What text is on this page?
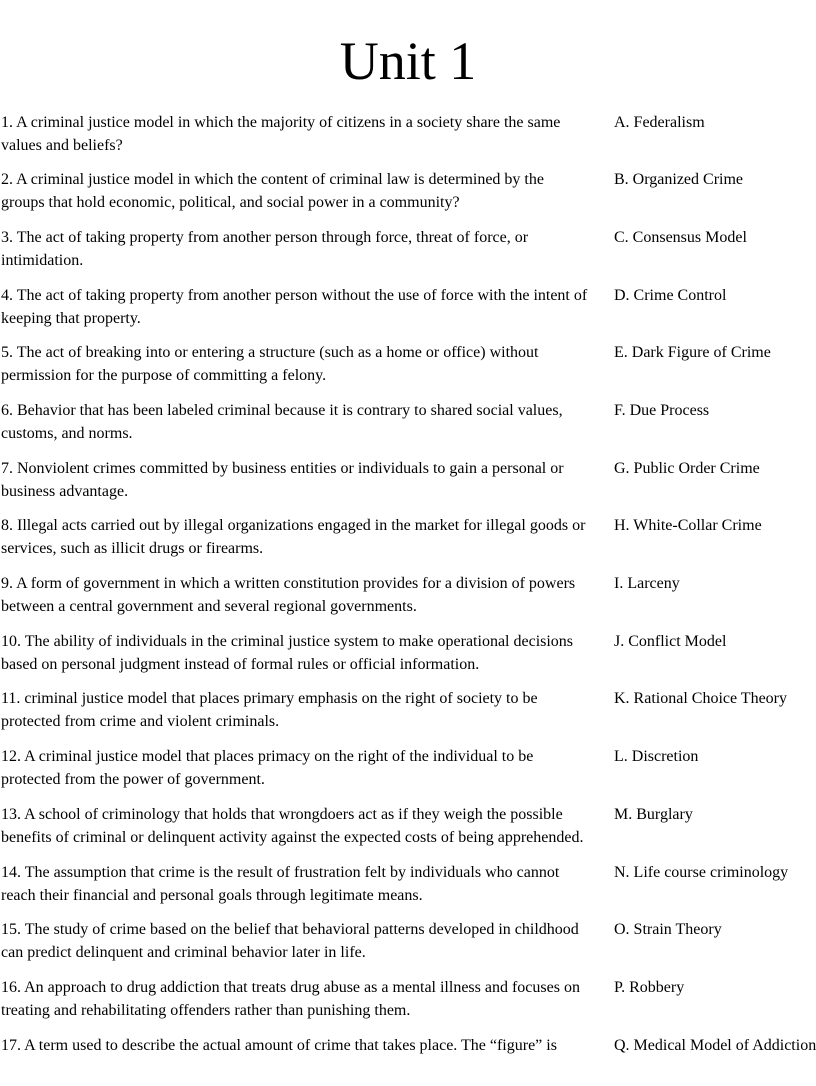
Unit 1
1. A criminal justice model in which the majority of citizens in a society share the same
values and beliefs?
A. Federalism
2. A criminal justice model in which the content of criminal law is determined by the
groups that hold economic, political, and social power in a community?
B. Organized Crime
3. The act of taking property from another person through force, threat of force, or
intimidation.
C. Consensus Model
4. The act of taking property from another person without the use of force with the intent of
keeping that property.
D. Crime Control
5. The act of breaking into or entering a structure (such as a home or office) without
permission for the purpose of committing a felony.
E. Dark Figure of Crime
6. Behavior that has been labeled criminal because it is contrary to shared social values,
customs, and norms.
F. Due Process
7. Nonviolent crimes committed by business entities or individuals to gain a personal or
business advantage.
G. Public Order Crime
8. Illegal acts carried out by illegal organizations engaged in the market for illegal goods or
services, such as illicit drugs or firearms.
H. White-Collar Crime
9. A form of government in which a written constitution provides for a division of powers
between a central government and several regional governments.
I. Larceny
10. The ability of individuals in the criminal justice system to make operational decisions
based on personal judgment instead of formal rules or official information.
J. Conflict Model
11. criminal justice model that places primary emphasis on the right of society to be
protected from crime and violent criminals.
K. Rational Choice Theory
12. A criminal justice model that places primacy on the right of the individual to be
protected from the power of government.
L. Discretion
13. A school of criminology that holds that wrongdoers act as if they weigh the possible
benefits of criminal or delinquent activity against the expected costs of being apprehended.
M. Burglary
14. The assumption that crime is the result of frustration felt by individuals who cannot
reach their financial and personal goals through legitimate means.
N. Life course criminology
15. The study of crime based on the belief that behavioral patterns developed in childhood
can predict delinquent and criminal behavior later in life.
O. Strain Theory
16. An approach to drug addiction that treats drug abuse as a mental illness and focuses on
treating and rehabilitating offenders rather than punishing them.
P. Robbery
17. A term used to describe the actual amount of crime that takes place. The “figure” is	Q. Medical Model of Addiction
